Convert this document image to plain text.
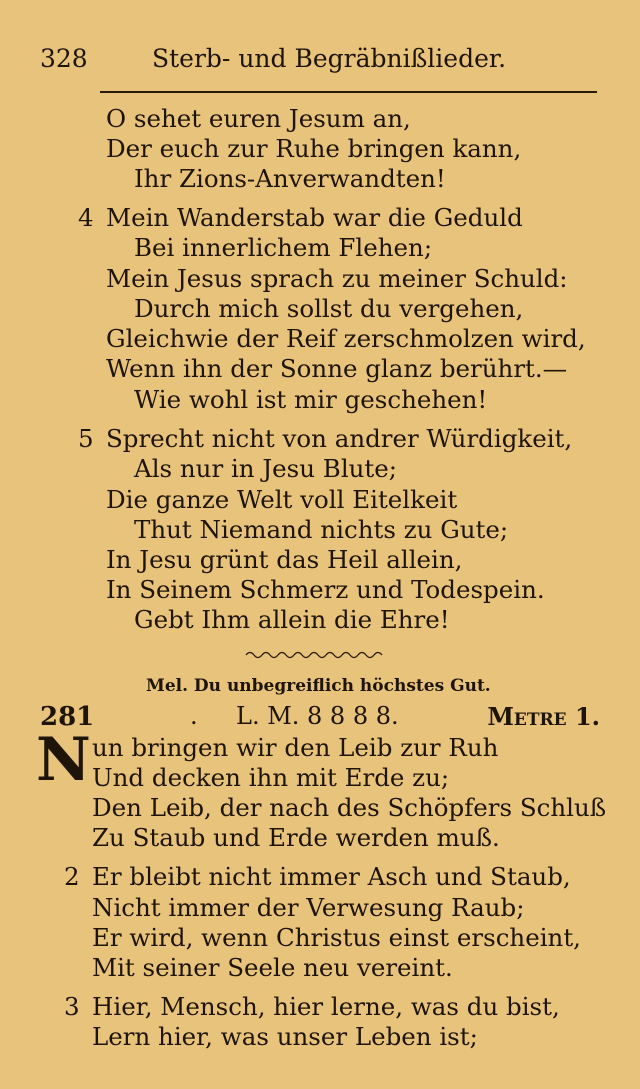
328	Sterb- und Begräbnißlieder.
O sehet euren Jesum an,
Der euch zur Ruhe bringen kann,
Ihr Zions-Anverwandten!
4 Mein Wanderstab war die Geduld
Bei innerlichem Flehen;
Mein Jesus sprach zu meiner Schuld:
Durch mich sollst du vergehen,
Gleichwie der Reif zerschmolzen wird,
Wenn ihn der Sonne glanz berührt.—
Wie wohl ist mir geschehen!
5 Sprecht nicht von andrer Würdigkeit,
Als nur in Jesu Blute;
Die ganze Welt voll Eitelkeit
Thut Niemand nichts zu Gute;
In Jesu grünt das Heil allein,
In Seinem Schmerz und Todespein.
Gebt Ihm allein die Ehre!
Mel. Du unbegreiflich höchstes Gut.
281	. L. M. 8 8 8 8.	Metre 1.
N un bringen wir den Leib zur Ruh
Und decken ihn mit Erde zu;
Den Leib, der nach des Schöpfers Schluß
Zu Staub und Erde werden muß.
2 Er bleibt nicht immer Asch und Staub,
Nicht immer der Verwesung Raub;
Er wird, wenn Christus einst erscheint,
Mit seiner Seele neu vereint.
3 Hier, Mensch, hier lerne, was du bist,
Lern hier, was unser Leben ist;
